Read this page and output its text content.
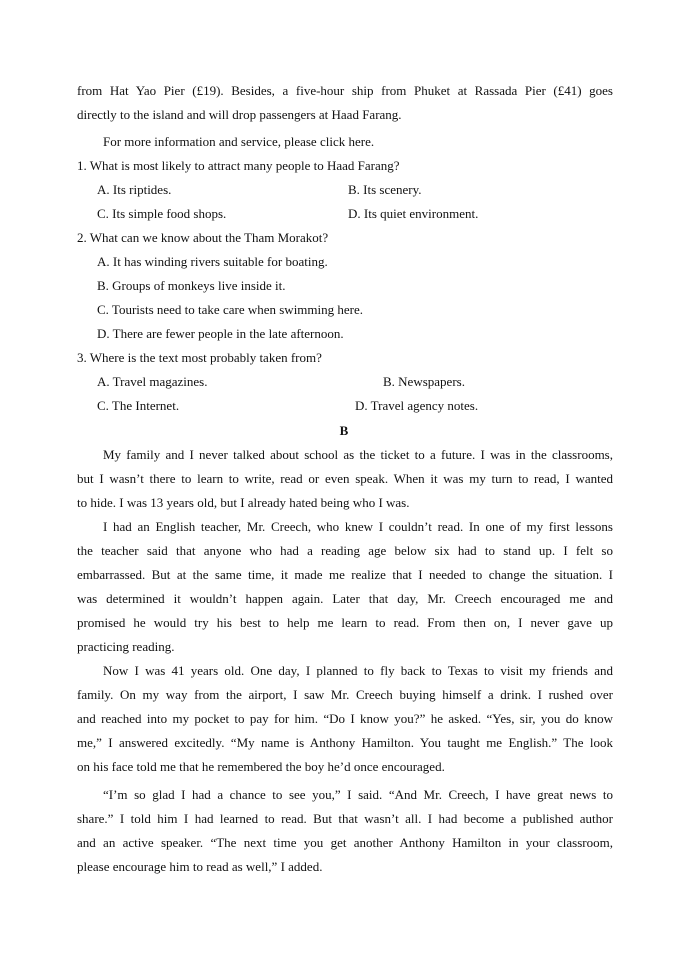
from Hat Yao Pier (£19). Besides, a five-hour ship from Phuket at Rassada Pier (£41) goes
directly to the island and will drop passengers at Haad Farang.
For more information and service, please click here.
1. What is most likely to attract many people to Haad Farang?
A. Its riptides.	B. Its scenery.
C. Its simple food shops.	D. Its quiet environment.
2. What can we know about the Tham Morakot?
A. It has winding rivers suitable for boating.
B. Groups of monkeys live inside it.
C. Tourists need to take care when swimming here.
D. There are fewer people in the late afternoon.
3. Where is the text most probably taken from?
A. Travel magazines.	B. Newspapers.
C. The Internet.	D. Travel agency notes.
B
My family and I never talked about school as the ticket to a future. I was in the classrooms,
but I wasn’t there to learn to write, read or even speak. When it was my turn to read, I wanted
to hide. I was 13 years old, but I already hated being who I was.
I had an English teacher, Mr. Creech, who knew I couldn’t read. In one of my first lessons
the teacher said that anyone who had a reading age below six had to stand up. I felt so
embarrassed. But at the same time, it made me realize that I needed to change the situation. I
was determined it wouldn’t happen again. Later that day, Mr. Creech encouraged me and
promised he would try his best to help me learn to read. From then on, I never gave up
practicing reading.
Now I was 41 years old. One day, I planned to fly back to Texas to visit my friends and
family. On my way from the airport, I saw Mr. Creech buying himself a drink. I rushed over
and reached into my pocket to pay for him. “Do I know you?” he asked. “Yes, sir, you do know
me,” I answered excitedly. “My name is Anthony Hamilton. You taught me English.” The look
on his face told me that he remembered the boy he’d once encouraged.
“I’m so glad I had a chance to see you,” I said. “And Mr. Creech, I have great news to
share.” I told him I had learned to read. But that wasn’t all. I had become a published author
and an active speaker. “The next time you get another Anthony Hamilton in your classroom,
please encourage him to read as well,” I added.
